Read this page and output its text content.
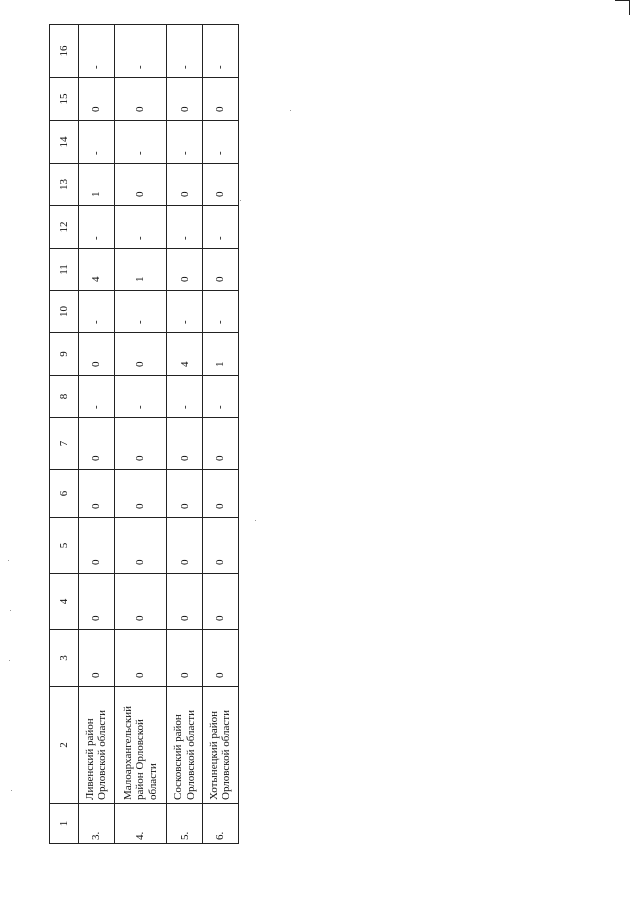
1	2	3	4	5	6	7	8	9	10	11	12	13	14	15	16
3.	Ливенский район Орловской области	0	0	0	0	0	-	0	-	4	-	1	-	0	-
4.	Малоархангельский район Орловской области	0	0	0	0	0	-	0	-	1	-	0	-	0	-
5.	Сосковский район Орловской области	0	0	0	0	0	-	4	-	0	-	0	-	0	-
6.	Хотынецкий район Орловской области	0	0	0	0	0	-	1	-	0	-	0	-	0	-
